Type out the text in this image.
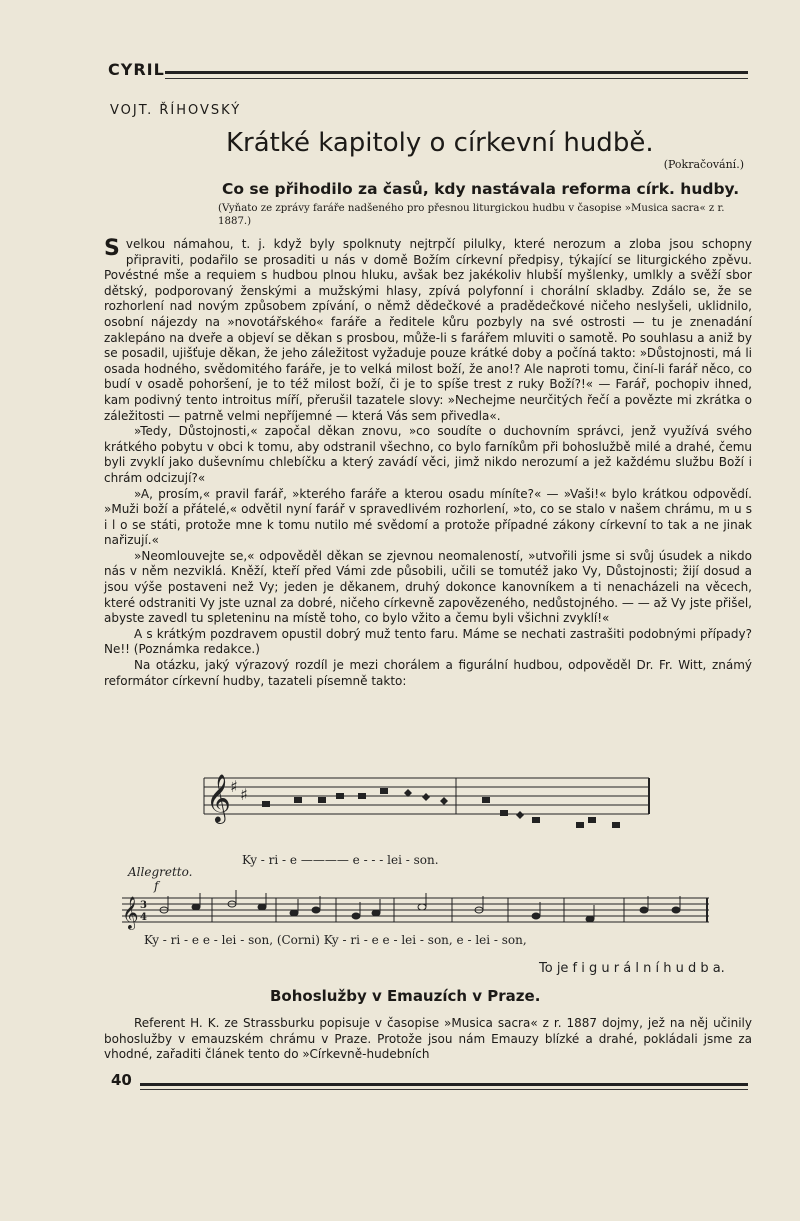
CYRIL
VOJT. ŘÍHOVSKÝ
Krátké kapitoly o církevní hudbě.
(Pokračování.)
Co se přihodilo za časů, kdy nastávala reforma círk. hudby.
(Vyňato ze zprávy faráře nadšeného pro přesnou liturgickou hudbu v časopise »Musica sacra« z r. 1887.)

Svelkou námahou, t. j. když byly spolknuty nejtrpčí pilulky, které nerozum a zloba jsou schopny připraviti, podařilo se prosaditi u nás v domě Božím církevní předpisy, týkající se liturgického zpěvu. Povéstné mše a requiem s hudbou plnou hluku, avšak bez jakékoliv hlubší myšlenky, umlkly a svěží sbor dětský, podporovaný ženskými a mužskými hlasy, zpívá polyfonní i chorální skladby. Zdálo se, že se rozhorlení nad novým způsobem zpívání, o němž dědečkové a pradědečkové ničeho neslyšeli, uklidnilo, osobní nájezdy na »novotářského« faráře a ředitele kůru pozbyly na své ostrosti — tu je znenadání zaklepáno na dveře a objeví se děkan s prosbou, může-li s farářem mluviti o samotě. Po souhlasu a aniž by se posadil, ujišťuje děkan, že jeho záležitost vyžaduje pouze krátké doby a počíná takto: »Důstojnosti, má li osada hodného, svědomitého faráře, je to velká milost boží, že ano!? Ale naproti tomu, činí-li farář něco, co budí v osadě pohoršení, je to též milost boží, či je to spíše trest z ruky Boží?!« — Farář, pochopiv ihned, kam podivný tento introitus míří, přerušil tazatele slovy: »Nechejme neurčitých řečí a povězte mi zkrátka o záležitosti — patrně velmi nepříjemné — která Vás sem přivedla«.

»Tedy, Důstojnosti,« započal děkan znovu, »co soudíte o duchovním správci, jenž využívá svého krátkého pobytu v obci k tomu, aby odstranil všechno, co bylo farníkům při bohoslužbě milé a drahé, čemu byli zvyklí jako duševnímu chlebíčku a který zavádí věci, jimž nikdo nerozumí a jež každému službu Boží i chrám odcizují?«

»A, prosím,« pravil farář, »kterého faráře a kterou osadu míníte?« — »Vaši!« bylo krátkou odpovědí. »Muži boží a přátelé,« odvětil nyní farář v spravedlivém rozhorlení, »to, co se stalo v našem chrámu, m u s i l o se státi, protože mne k tomu nutilo mé svědomí a protože případné zákony církevní to tak a ne jinak nařizují.«

»Neomlouvejte se,« odpověděl děkan se zjevnou neomaleností, »utvořili jsme si svůj úsudek a nikdo nás v něm nezviklá. Kněží, kteří před Vámi zde působili, učili se tomutéž jako Vy, Důstojnosti; žijí dosud a jsou výše postaveni než Vy; jeden je děkanem, druhý dokonce kanovníkem a ti nenacházeli na věcech, které odstraniti Vy jste uznal za dobré, ničeho církevně zapovězeného, nedůstojného. — — až Vy jste přišel, abyste zavedl tu spleteninu na místě toho, co bylo vžito a čemu byli všichni zvyklí!«

A s krátkým pozdravem opustil dobrý muž tento faru. Máme se nechati zastrašiti podobnými případy? Ne!! (Poznámka redakce.)

Na otázku, jaký výrazový rozdíl je mezi chorálem a figurální hudbou, odpověděl Dr. Fr. Witt, známý reformátor církevní hudby, tazateli písemně takto:

𝄞 ♯ ♯
Ky - ri - e ———— e - - - lei - son.
Allegretto.
f
𝄞 3
4
Ky - ri - e e - lei - son, (Corni) Ky - ri - e e - lei - son, e - lei - son,
To je f i g u r á l n í h u d b a.
Bohoslužby v Emauzích v Praze.

Referent H. K. ze Strassburku popisuje v časopise »Musica sacra« z r. 1887 dojmy, jež na něj učinily bohoslužby v emauzském chrámu v Praze. Protože jsou nám Emauzy blízké a drahé, pokládali jsme za vhodné, zařaditi článek tento do »Církevně-hudebních

40
